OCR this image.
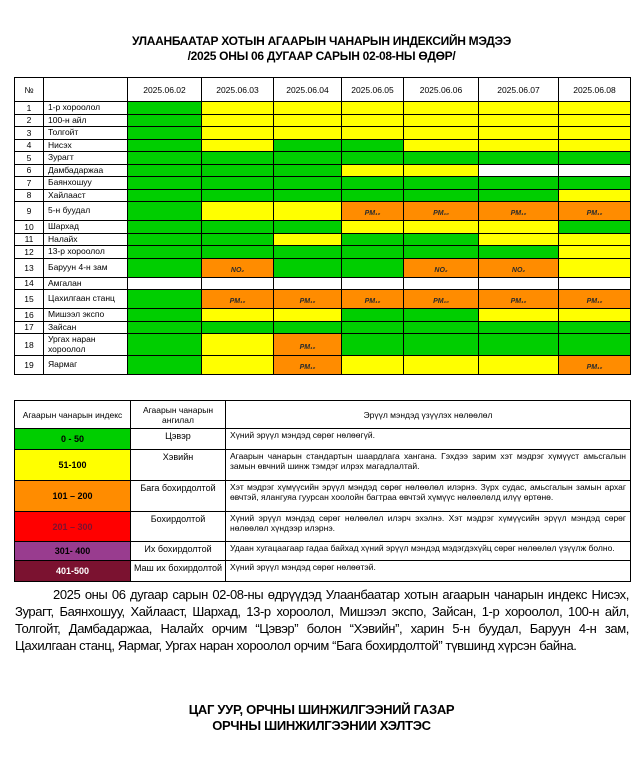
УЛААНБААТАР ХОТЫН АГААРЫН ЧАНАРЫН ИНДЕКСИЙН МЭДЭЭ
/2025 ОНЫ 06 ДУГААР САРЫН 02-08-НЫ ӨДӨР/
№		2025.06.02	2025.06.03	2025.06.04	2025.06.05	2025.06.06	2025.06.07	2025.06.08
1	1-р хороолол							
2	100-н айл							
3	Толгойт							
4	Нисэх							
5	Зурагт							
6	Дамбадаржаа							
7	Баянхошуу							
8	Хайлааст							
9	5-н буудал				PM₁₀	PM₁₀	PM₁₀	PM₁₀
10	Шархад							
11	Налайх							
12	13-р хороолол							
13	Баруун 4-н зам		NO₂			NO₂	NO₂	
14	Амгалан							
15	Цахилгаан станц		PM₁₀	PM₁₀	PM₁₀	PM₁₀	PM₁₀	PM₁₀
16	Мишээл экспо							
17	Зайсан							
18	Ургах наран хороолол			PM₁₀				
19	Яармаг			PM₁₀				PM₁₀
Агаарын чанарын индекс	Агаарын чанарын ангилал	Эрүүл мэндэд үзүүлэх нөлөөлөл
0 - 50	Цэвэр	Хүний эрүүл мэндэд сөрөг нөлөөгүй.
51-100	Хэвийн	Агаарын чанарын стандартын шаардлага хангана. Гэхдээ зарим хэт мэдрэг хүмүүст амьсгалын замын өвчний шинж тэмдэг илрэх магадлалтай.
101 – 200	Бага бохирдолтой	Хэт мэдрэг хүмүүсийн эрүүл мэндэд сөрөг нөлөөлөл илэрнэ. Зүрх судас, амьсгалын замын архаг өвчтэй, ялангуяа гуурсан хоолойн багтраа өвчтэй хүмүүс нөлөөлөлд илүү өртөнө.
201 – 300	Бохирдолтой	Хүний эрүүл мэндэд сөрөг нөлөөлөл илэрч эхэлнэ. Хэт мэдрэг хүмүүсийн эрүүл мэндэд сөрөг нөлөөлөл хүндээр илэрнэ.
301- 400	Их бохирдолтой	Удаан хугацаагаар гадаа байхад хүний эрүүл мэндэд мэдэгдэхүйц сөрөг нөлөөлөл үзүүлж болно.
401-500	Маш их бохирдолтой	Хүний эрүүл мэндэд сөрөг нөлөөтэй.

2025 оны 06 дугаар сарын 02-08-ны өдрүүдэд Улаанбаатар хотын агаарын чанарын индекс Нисэх, Зурагт, Баянхошуу, Хайлааст, Шархад, 13-р хороолол, Мишээл экспо, Зайсан, 1-р хороолол, 100-н айл, Толгойт, Дамбадаржаа, Налайх орчим “Цэвэр” болон “Хэвийн”, харин 5-н буудал, Баруун 4-н зам, Цахилгаан станц, Яармаг, Ургах наран хороолол орчим “Бага бохирдолтой” түвшинд хүрсэн байна.

ЦАГ УУР, ОРЧНЫ ШИНЖИЛГЭЭНИЙ ГАЗАР
ОРЧНЫ ШИНЖИЛГЭЭНИИ ХЭЛТЭС
